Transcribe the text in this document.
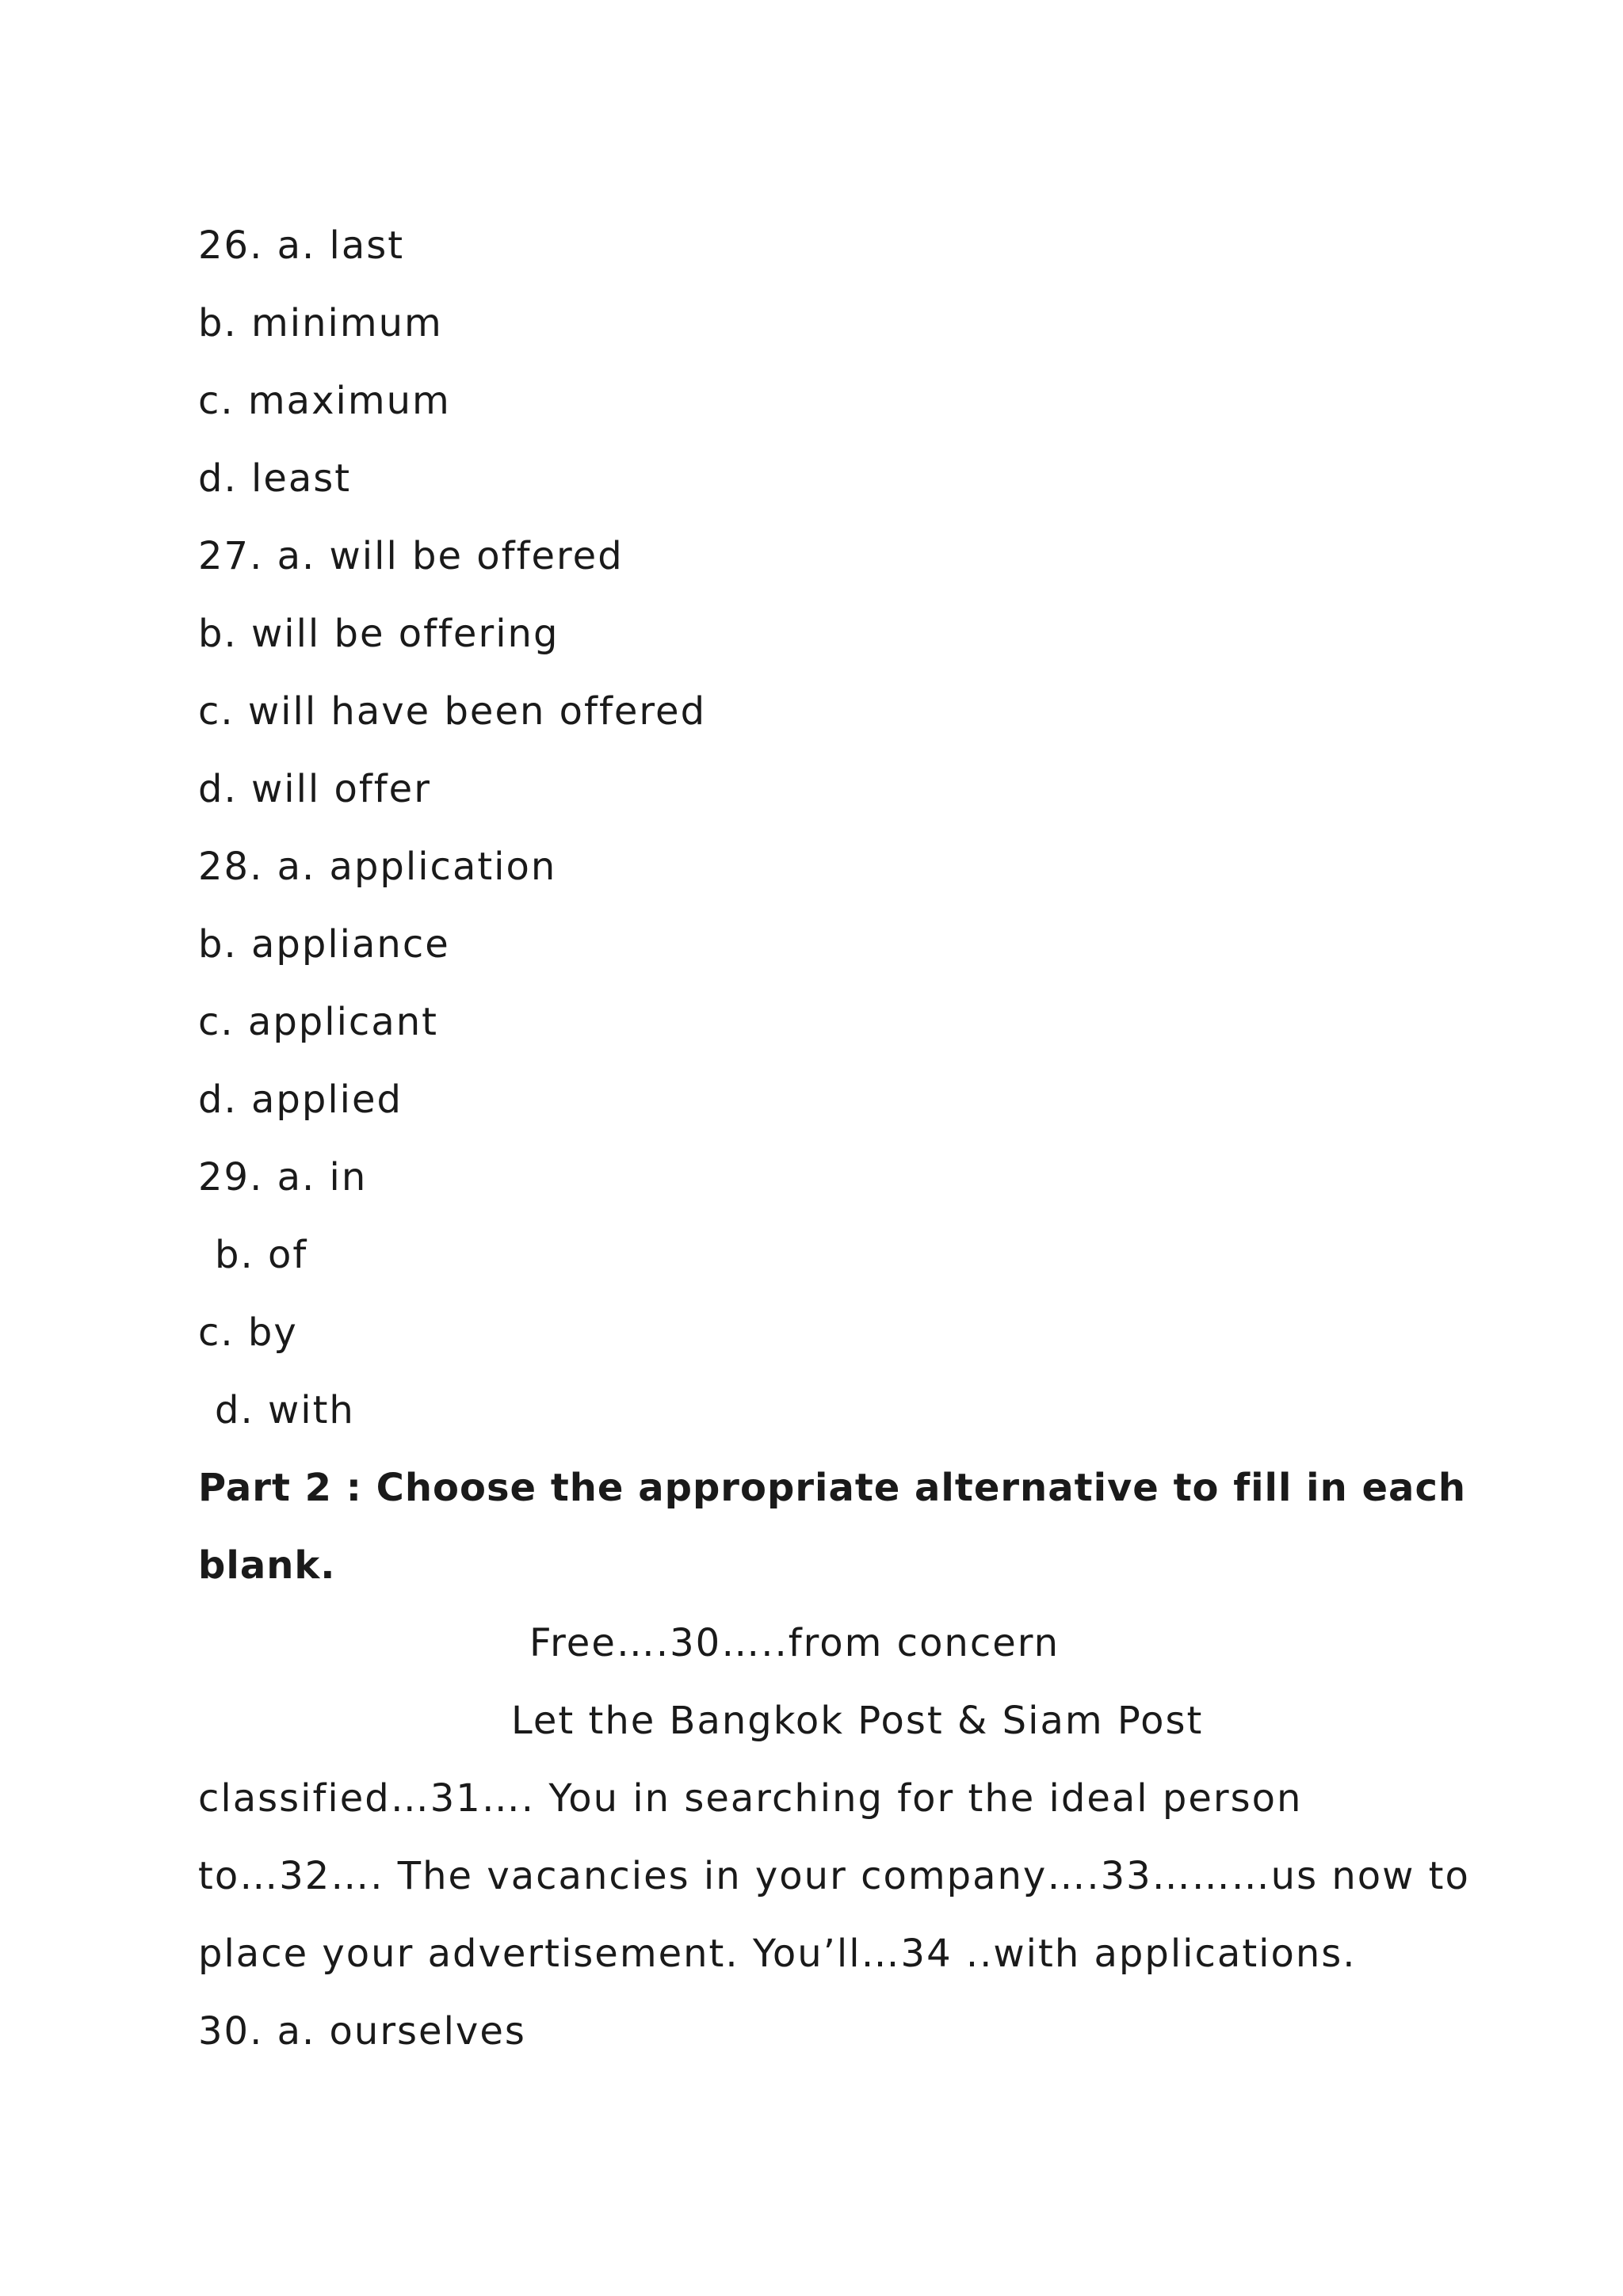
26. a. last
b. minimum
c. maximum
d. least
27. a. will be offered
b. will be offering
c. will have been offered
d. will offer
28. a. application
b. appliance
c. applicant
d. applied
29. a. in
b. of
c. by
d. with
Part 2 : Choose the appropriate alternative to fill in each
blank.
Free….30…..from concern
Let the Bangkok Post & Siam Post
classified…31…. You in searching for the ideal person
to…32…. The vacancies in your company….33………us now to
place your advertisement. You’ll…34 ..with applications.
30. a. ourselves
